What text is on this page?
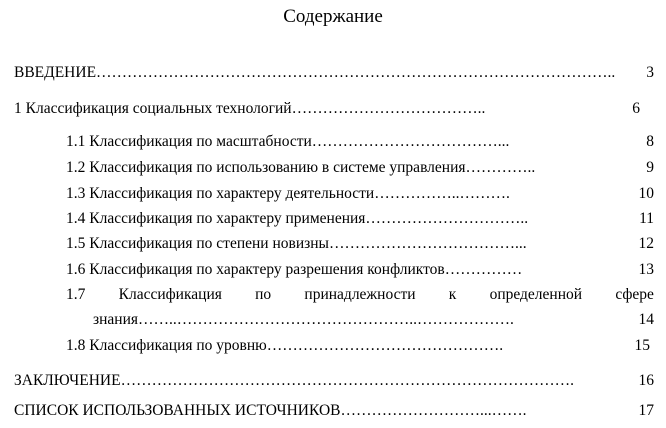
Содержание
ВВЕДЕНИЕ……………………………………………………………………………………….. 3
1 Классификация социальных технологий………………………………..	6
1.1 Классификация по масштабности………………………………...	8
1.2 Классификация по использованию в системе управления…………..	9
1.3 Классификация по характеру деятельности……………..……….	10
1.4 Классификация по характеру применения…………………………..	11
1.5 Классификация по степени новизны………………………………...	12
1.6 Классификация по характеру разрешения конфликтов……………	13
1.7 Классификация по принадлежности к определенной сфере
знания……..………………………………………..……………….	14
1.8 Классификация по уровню……………………………………….	15
ЗАКЛЮЧЕНИЕ…………………………………………………………………………….	16
СПИСОК ИСПОЛЬЗОВАННЫХ ИСТОЧНИКОВ………………………...…….	17
